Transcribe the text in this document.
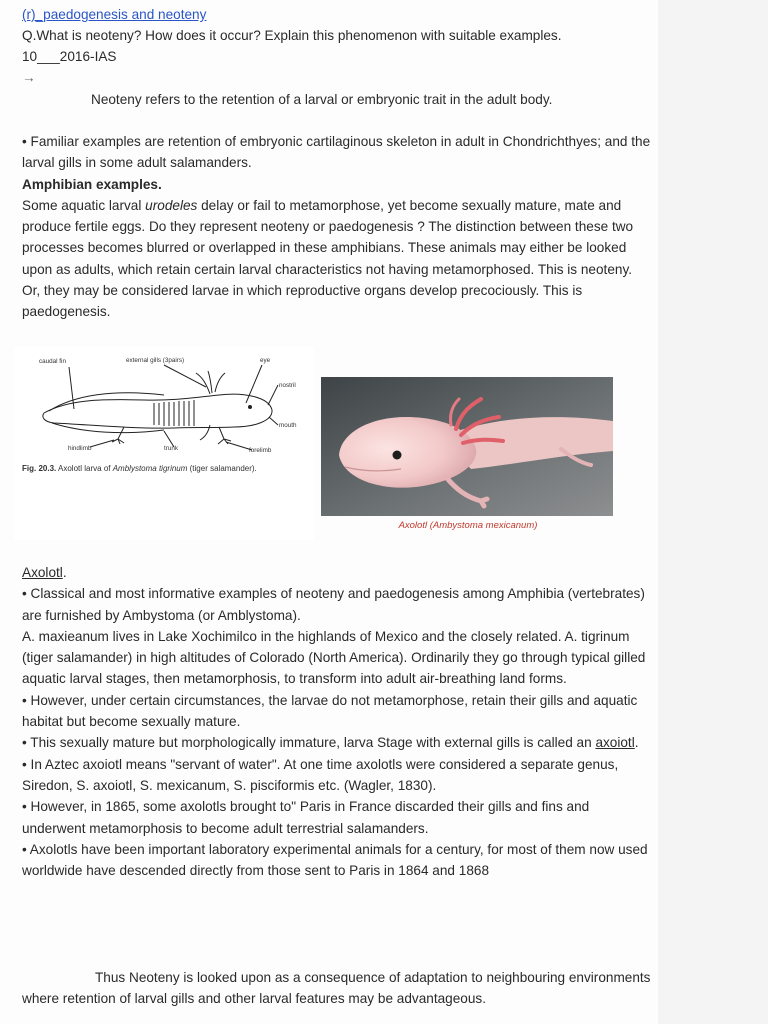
(r)_paedogenesis and neoteny

Q.What is neoteny? How does it occur? Explain this phenomenon with suitable examples.

10___2016-IAS

→

Neoteny refers to the retention of a larval or embryonic trait in the adult body.

• Familiar examples are retention of embryonic cartilaginous skeleton in adult in Chondrichthyes; and the larval gills in some adult salamanders.

Amphibian examples.

Some aquatic larval urodeles delay or fail to metamorphose, yet become sexually mature, mate and produce fertile eggs. Do they represent neoteny or paedogenesis ? The distinction between these two processes becomes blurred or overlapped in these amphibians. These animals may either be looked upon as adults, which retain certain larval characteristics not having metamorphosed. This is neoteny. Or, they may be considered larvae in which reproductive organs develop precociously. This is paedogenesis.

caudal fin	external gills (3pairs)	eye
nostril
mouth
hindlimb	trunk	forelimb
Fig. 20.3. Axolotl larva of Amblystoma tigrinum (tiger salamander).
Axolotl (Ambystoma mexicanum)

Axolotl.

• Classical and most informative examples of neoteny and paedogenesis among Amphibia (vertebrates) are furnished by Ambystoma (or Amblystoma).

A. maxieanum lives in Lake Xochimilco in the highlands of Mexico and the closely related. A. tigrinum (tiger salamander) in high altitudes of Colorado (North America). Ordinarily they go through typical gilled aquatic larval stages, then metamorphosis, to transform into adult air-breathing land forms.

• However, under certain circumstances, the larvae do not metamorphose, retain their gills and aquatic habitat but become sexually mature.

• This sexually mature but morphologically immature, larva Stage with external gills is called an axoiotl.

• In Aztec axoiotl means "servant of water". At one time axolotls were considered a separate genus, Siredon, S. axoiotl, S. mexicanum, S. pisciformis etc. (Wagler, 1830).

• However, in 1865, some axolotls brought to" Paris in France discarded their gills and fins and underwent metamorphosis to become adult terrestrial salamanders.

• Axolotls have been important laboratory experimental animals for a century, for most of them now used worldwide have descended directly from those sent to Paris in 1864 and 1868

Thus Neoteny is looked upon as a consequence of adaptation to neighbouring environments where retention of larval gills and other larval features may be advantageous.
